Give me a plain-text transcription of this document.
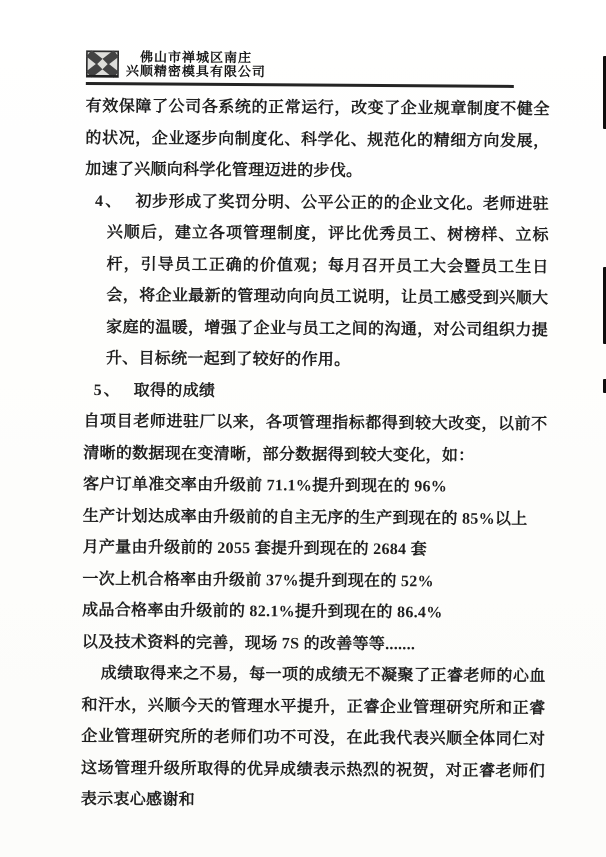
佛山市禅城区南庄
兴顺精密模具有限公司

有效保障了公司各系统的正常运行，改变了企业规章制度不健全的状况，企业逐步向制度化、科学化、规范化的精细方向发展，加速了兴顺向科学化管理迈进的步伐。

4、 初步形成了奖罚分明、公平公正的的企业文化。老师进驻兴顺后，建立各项管理制度，评比优秀员工、树榜样、立标杆，引导员工正确的价值观；每月召开员工大会暨员工生日会，将企业最新的管理动向向员工说明，让员工感受到兴顺大家庭的温暖，增强了企业与员工之间的沟通，对公司组织力提升、目标统一起到了较好的作用。
5、 取得的成绩

自项目老师进驻厂以来，各项管理指标都得到较大改变，以前不清晰的数据现在变清晰，部分数据得到较大变化，如：

客户订单准交率由升级前 71.1%提升到现在的 96%
生产计划达成率由升级前的自主无序的生产到现在的 85%以上
月产量由升级前的 2055 套提升到现在的 2684 套
一次上机合格率由升级前 37%提升到现在的 52%
成品合格率由升级前的 82.1%提升到现在的 86.4%
以及技术资料的完善，现场 7S 的改善等等.......

成绩取得来之不易，每一项的成绩无不凝聚了正睿老师的心血和汗水，兴顺今天的管理水平提升，正睿企业管理研究所和正睿企业管理研究所的老师们功不可没，在此我代表兴顺全体同仁对这场管理升级所取得的优异成绩表示热烈的祝贺，对正睿老师们表示衷心感谢和
